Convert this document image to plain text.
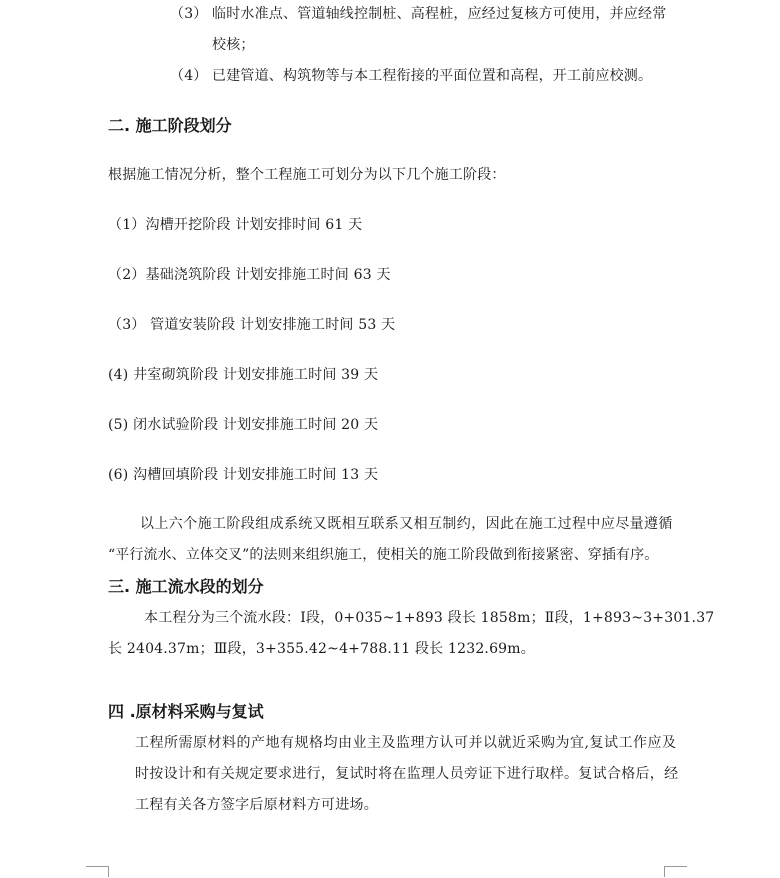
（3） 临时水准点、管道轴线控制桩、高程桩，应经过复核方可使用，并应经常
校核；
（4） 已建管道、构筑物等与本工程衔接的平面位置和高程，开工前应校测。
二. 施工阶段划分
根据施工情况分析，整个工程施工可划分为以下几个施工阶段：
（1）沟槽开挖阶段 计划安排时间 61 天
（2）基础浇筑阶段 计划安排施工时间 63 天
（3） 管道安装阶段 计划安排施工时间 53 天
(4) 井室砌筑阶段 计划安排施工时间 39 天
(5) 闭水试验阶段 计划安排施工时间 20 天
(6) 沟槽回填阶段 计划安排施工时间 13 天
以上六个施工阶段组成系统又既相互联系又相互制约，因此在施工过程中应尽量遵循
“平行流水、立体交叉”的法则来组织施工，使相关的施工阶段做到衔接紧密、穿插有序。
三. 施工流水段的划分
本工程分为三个流水段：Ⅰ段，0+035~1+893 段长 1858m；Ⅱ段，1+893~3+301.37
长 2404.37m；Ⅲ段，3+355.42~4+788.11 段长 1232.69m。
四 .原材料采购与复试
工程所需原材料的产地有规格均由业主及监理方认可并以就近采购为宜,复试工作应及
时按设计和有关规定要求进行，复试时将在监理人员旁证下进行取样。复试合格后，经
工程有关各方签字后原材料方可进场。
